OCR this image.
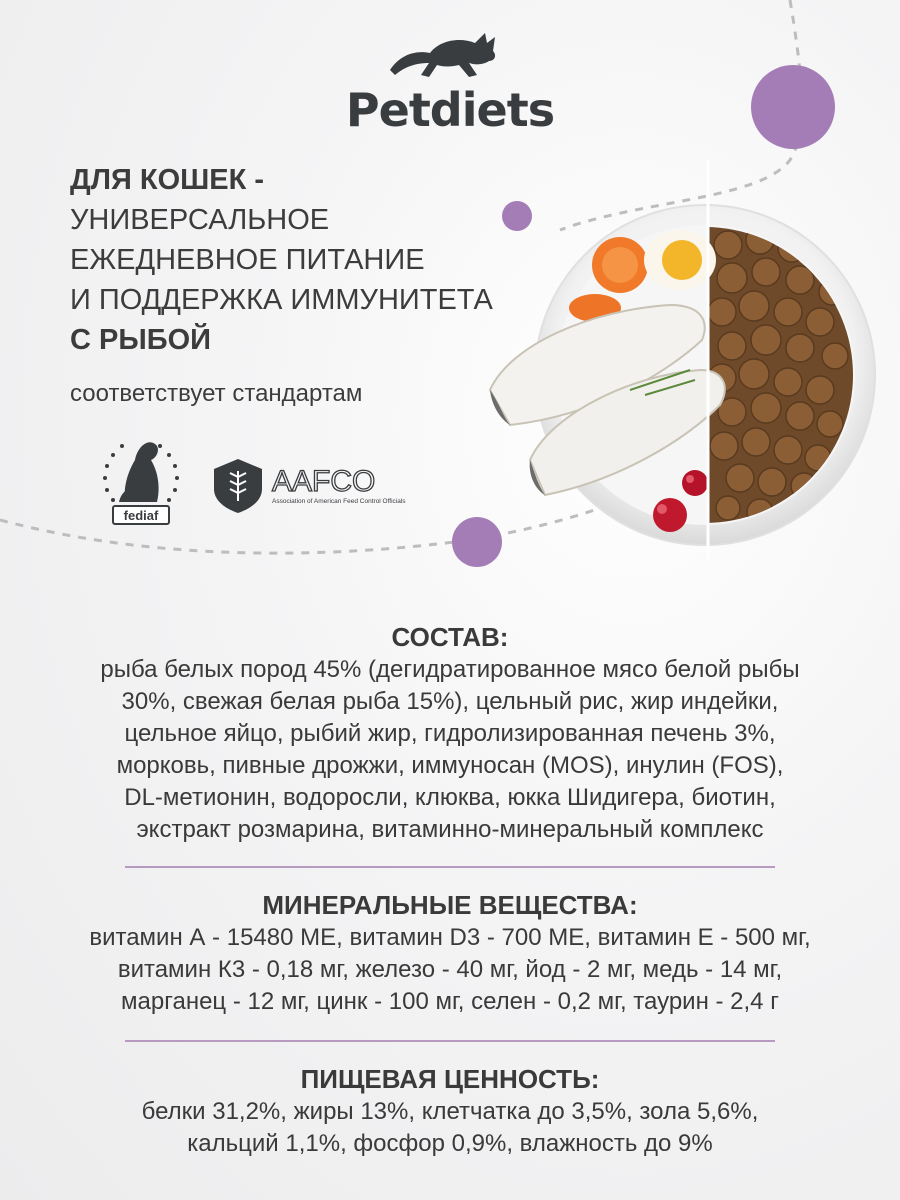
Petdiets
ДЛЯ КОШЕК -
УНИВЕРСАЛЬНОЕ
ЕЖЕДНЕВНОЕ ПИТАНИЕ
И ПОДДЕРЖКА ИММУНИТЕТА
С РЫБОЙ
соответствует стандартам
fediaf
AAFCO
Association of American Feed Control Officials
СОСТАВ:
рыба белых пород 45% (дегидратированное мясо белой рыбы
30%, свежая белая рыба 15%), цельный рис, жир индейки,
цельное яйцо, рыбий жир, гидролизированная печень 3%,
морковь, пивные дрожжи, иммуносан (MOS), инулин (FOS),
DL-метионин, водоросли, клюква, юкка Шидигера, биотин,
экстракт розмарина, витаминно-минеральный комплекс
МИНЕРАЛЬНЫЕ ВЕЩЕСТВА:
витамин А - 15480 МЕ, витамин D3 - 700 МЕ, витамин Е - 500 мг,
витамин К3 - 0,18 мг, железо - 40 мг, йод - 2 мг, медь - 14 мг,
марганец - 12 мг, цинк - 100 мг, селен - 0,2 мг, таурин - 2,4 г
ПИЩЕВАЯ ЦЕННОСТЬ:
белки 31,2%, жиры 13%, клетчатка до 3,5%, зола 5,6%,
кальций 1,1%, фосфор 0,9%, влажность до 9%
